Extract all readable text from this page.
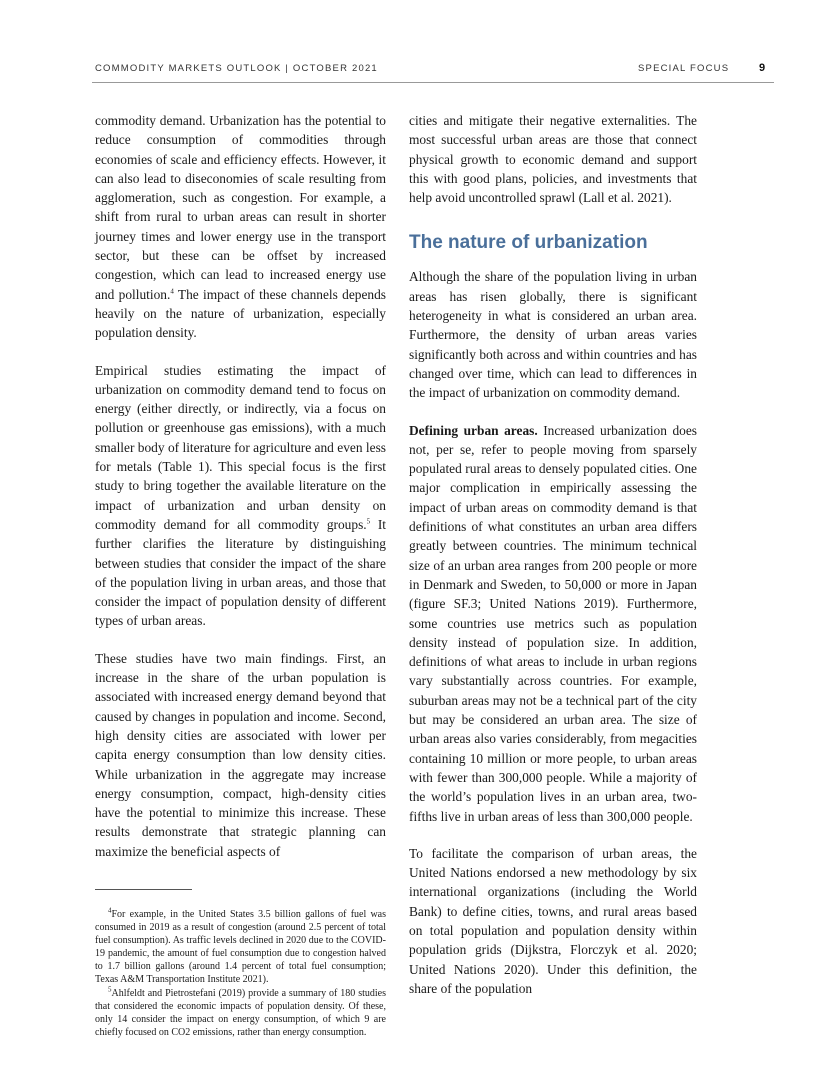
COMMODITY MARKETS OUTLOOK | OCTOBER 2021	SPECIAL FOCUS	9

commodity demand. Urbanization has the potential to reduce consumption of commodities through economies of scale and efficiency effects. However, it can also lead to diseconomies of scale resulting from agglomeration, such as congestion. For example, a shift from rural to urban areas can result in shorter journey times and lower energy use in the transport sector, but these can be offset by increased congestion, which can lead to increased energy use and pollution.$^4$ The impact of these channels depends heavily on the nature of urbanization, especially population density.

Empirical studies estimating the impact of urbanization on commodity demand tend to focus on energy (either directly, or indirectly, via a focus on pollution or greenhouse gas emissions), with a much smaller body of literature for agriculture and even less for metals (Table 1). This special focus is the first study to bring together the available literature on the impact of urbanization and urban density on commodity demand for all commodity groups.$^5$ It further clarifies the literature by distinguishing between studies that consider the impact of the share of the population living in urban areas, and those that consider the impact of population density of different types of urban areas.

These studies have two main findings. First, an increase in the share of the urban population is associated with increased energy demand beyond that caused by changes in population and income. Second, high density cities are associated with lower per capita energy consumption than low density cities. While urbanization in the aggregate may increase energy consumption, compact, high-density cities have the potential to minimize this increase. These results demonstrate that strategic planning can maximize the beneficial aspects of

$^4$For example, in the United States 3.5 billion gallons of fuel was consumed in 2019 as a result of congestion (around 2.5 percent of total fuel consumption). As traffic levels declined in 2020 due to the COVID-19 pandemic, the amount of fuel consumption due to congestion halved to 1.7 billion gallons (around 1.4 percent of total fuel consumption; Texas A&M Transportation Institute 2021).

$^5$Ahlfeldt and Pietrostefani (2019) provide a summary of 180 studies that considered the economic impacts of population density. Of these, only 14 consider the impact on energy consumption, of which 9 are chiefly focused on CO2 emissions, rather than energy consumption.

cities and mitigate their negative externalities. The most successful urban areas are those that connect physical growth to economic demand and support this with good plans, policies, and investments that help avoid uncontrolled sprawl (Lall et al. 2021).

The nature of urbanization

Although the share of the population living in urban areas has risen globally, there is significant heterogeneity in what is considered an urban area. Furthermore, the density of urban areas varies significantly both across and within countries and has changed over time, which can lead to differences in the impact of urbanization on commodity demand.

Defining urban areas. Increased urbanization does not, per se, refer to people moving from sparsely populated rural areas to densely populated cities. One major complication in empirically assessing the impact of urban areas on commodity demand is that definitions of what constitutes an urban area differs greatly between countries. The minimum technical size of an urban area ranges from 200 people or more in Denmark and Sweden, to 50,000 or more in Japan (figure SF.3; United Nations 2019). Furthermore, some countries use metrics such as population density instead of population size. In addition, definitions of what areas to include in urban regions vary substantially across countries. For example, suburban areas may not be a technical part of the city but may be considered an urban area. The size of urban areas also varies considerably, from megacities containing 10 million or more people, to urban areas with fewer than 300,000 people. While a majority of the world’s population lives in an urban area, two-fifths live in urban areas of less than 300,000 people.

To facilitate the comparison of urban areas, the United Nations endorsed a new methodology by six international organizations (including the World Bank) to define cities, towns, and rural areas based on total population and population density within population grids (Dijkstra, Florczyk et al. 2020; United Nations 2020). Under this definition, the share of the population
